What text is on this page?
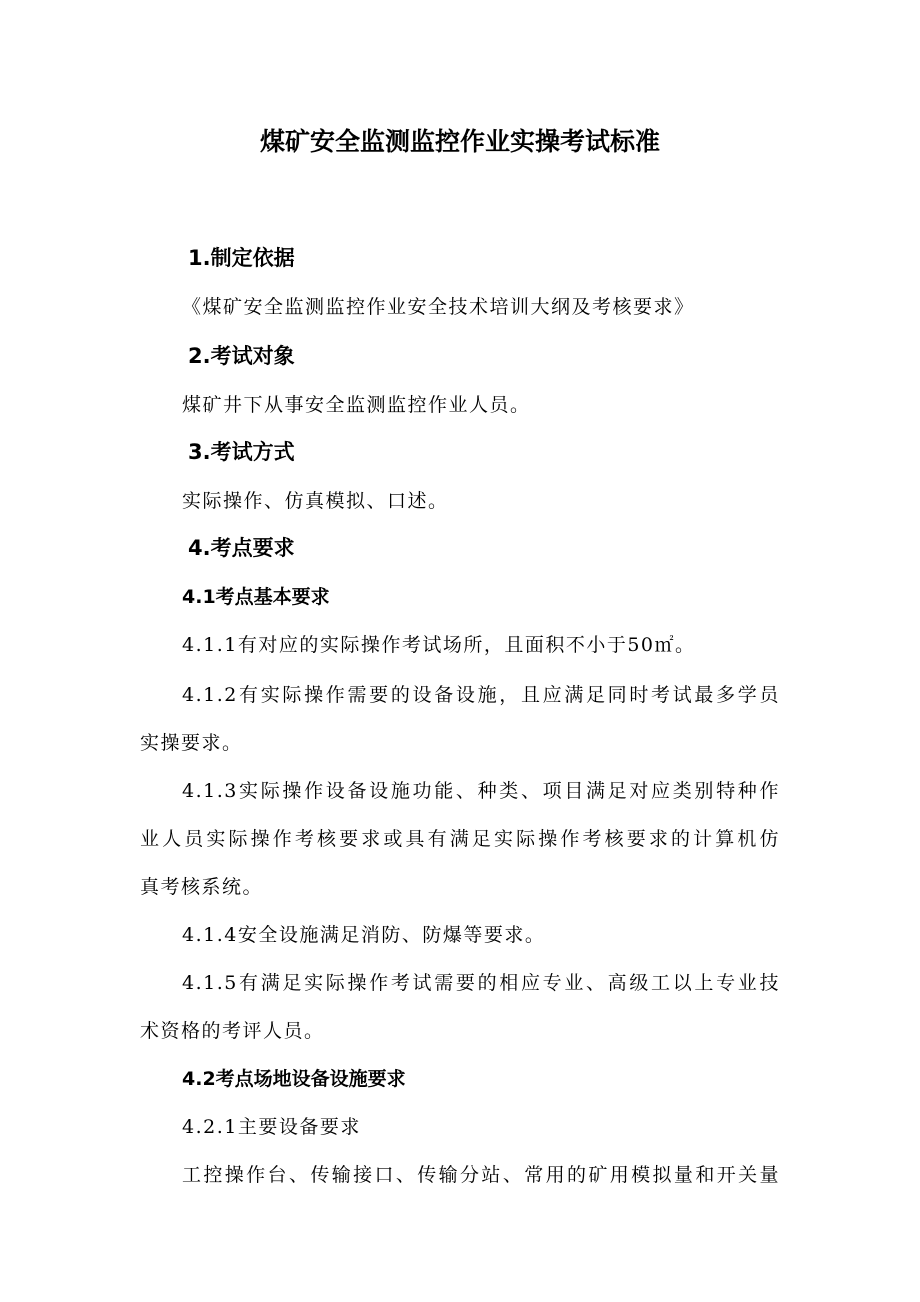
煤矿安全监测监控作业实操考试标准
1.制定依据
《煤矿安全监测监控作业安全技术培训大纲及考核要求》
2.考试对象
煤矿井下从事安全监测监控作业人员。
3.考试方式
实际操作、仿真模拟、口述。
4.考点要求
4.1考点基本要求
4.1.1有对应的实际操作考试场所，且面积不小于50㎡。
4.1.2有实际操作需要的设备设施，且应满足同时考试最多学员
实操要求。
4.1.3实际操作设备设施功能、种类、项目满足对应类别特种作
业人员实际操作考核要求或具有满足实际操作考核要求的计算机仿
真考核系统。
4.1.4安全设施满足消防、防爆等要求。
4.1.5有满足实际操作考试需要的相应专业、高级工以上专业技
术资格的考评人员。
4.2考点场地设备设施要求
4.2.1主要设备要求
工控操作台、传输接口、传输分站、常用的矿用模拟量和开关量
